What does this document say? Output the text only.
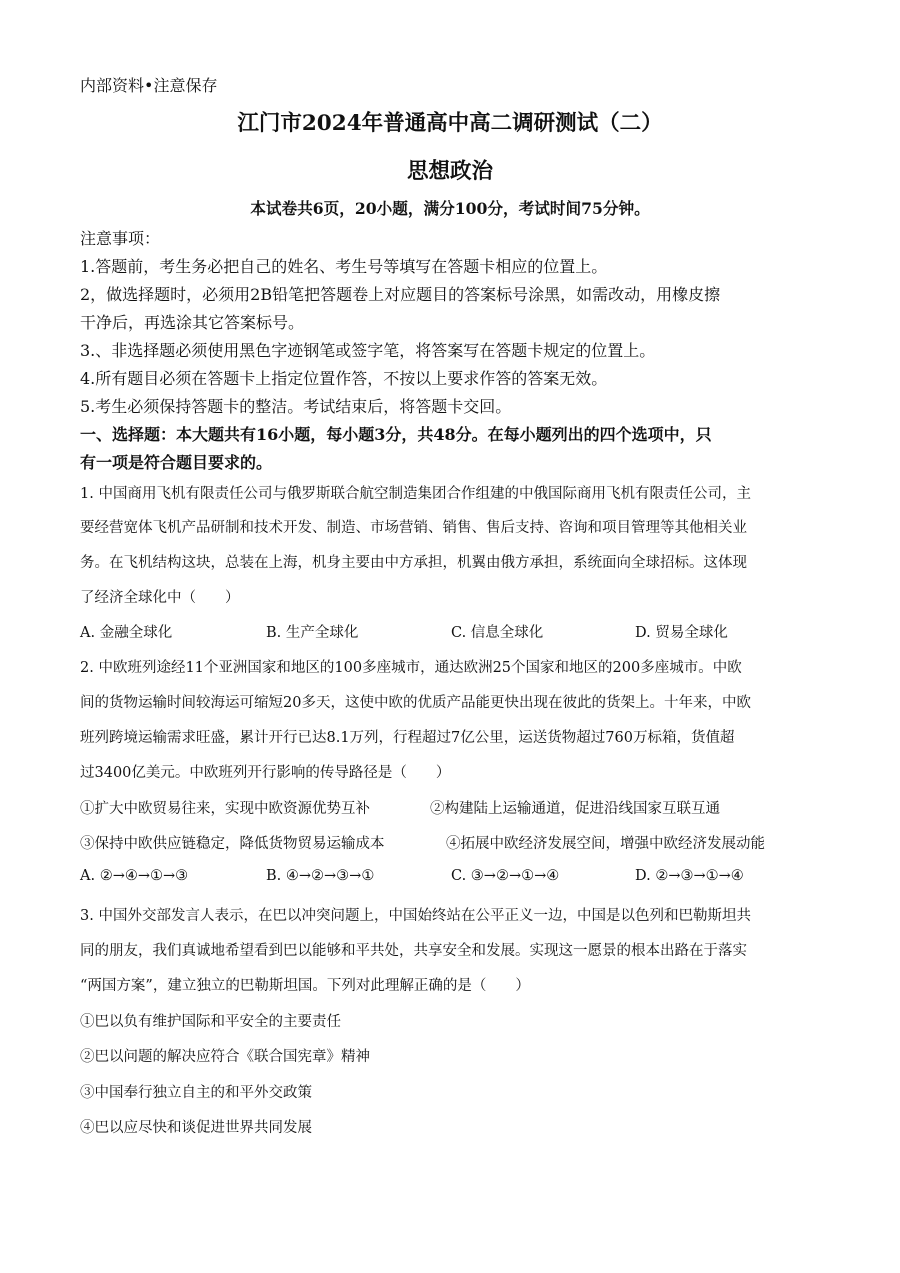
内部资料•注意保存
江门市2024年普通高中高二调研测试（二）
思想政治
本试卷共6页，20小题，满分100分，考试时间75分钟。
注意事项：
1.答题前，考生务必把自己的姓名、考生号等填写在答题卡相应的位置上。
2，做选择题时，必须用2B铅笔把答题卷上对应题目的答案标号涂黑，如需改动，用橡皮擦
干净后，再选涂其它答案标号。
3.、非选择题必须使用黑色字迹钢笔或签字笔，将答案写在答题卡规定的位置上。
4.所有题目必须在答题卡上指定位置作答，不按以上要求作答的答案无效。
5.考生必须保持答题卡的整洁。考试结束后，将答题卡交回。
一、选择题：本大题共有16小题，每小题3分，共48分。在每小题列出的四个选项中，只
有一项是符合题目要求的。
1. 中国商用飞机有限责任公司与俄罗斯联合航空制造集团合作组建的中俄国际商用飞机有限责任公司，主
要经营宽体飞机产品研制和技术开发、制造、市场营销、销售、售后支持、咨询和项目管理等其他相关业
务。在飞机结构这块，总装在上海，机身主要由中方承担，机翼由俄方承担，系统面向全球招标。这体现
了经济全球化中（　　）
A. 金融全球化	B. 生产全球化	C. 信息全球化	D. 贸易全球化
2. 中欧班列途经11个亚洲国家和地区的100多座城市，通达欧洲25个国家和地区的200多座城市。中欧
间的货物运输时间较海运可缩短20多天，这使中欧的优质产品能更快出现在彼此的货架上。十年来，中欧
班列跨境运输需求旺盛，累计开行已达8.1万列，行程超过7亿公里，运送货物超过760万标箱，货值超
过3400亿美元。中欧班列开行影响的传导路径是（　　）
①扩大中欧贸易往来，实现中欧资源优势互补	②构建陆上运输通道，促进沿线国家互联互通
③保持中欧供应链稳定，降低货物贸易运输成本	④拓展中欧经济发展空间，增强中欧经济发展动能
A. ②→④→①→③	B. ④→②→③→①	C. ③→②→①→④	D. ②→③→①→④
3. 中国外交部发言人表示，在巴以冲突问题上，中国始终站在公平正义一边，中国是以色列和巴勒斯坦共
同的朋友，我们真诚地希望看到巴以能够和平共处，共享安全和发展。实现这一愿景的根本出路在于落实
“两国方案”，建立独立的巴勒斯坦国。下列对此理解正确的是（　　）
①巴以负有维护国际和平安全的主要责任
②巴以问题的解决应符合《联合国宪章》精神
③中国奉行独立自主的和平外交政策
④巴以应尽快和谈促进世界共同发展
